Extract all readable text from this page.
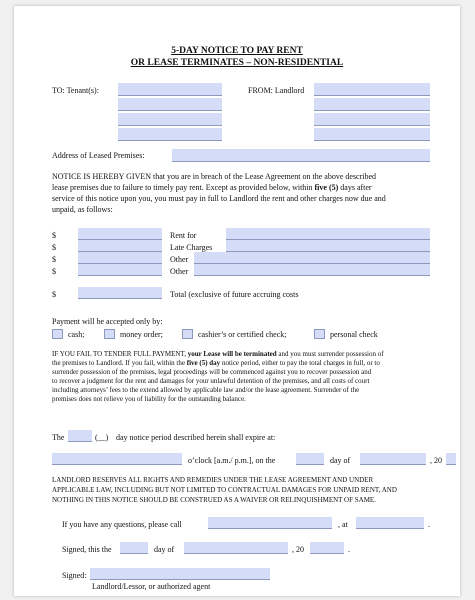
5-DAY NOTICE TO PAY RENT
OR LEASE TERMINATES – NON-RESIDENTIAL
TO: Tenant(s):	FROM: Landlord
Address of Leased Premises:
NOTICE IS HEREBY GIVEN that you are in breach of the Lease Agreement on the above described
lease premises due to failure to timely pay rent. Except as provided below, within five (5) days after
service of this notice upon you, you must pay in full to Landlord the rent and other charges now due and
unpaid, as follows:
$	Rent for
$	Late Charges
$	Other
$	Other
$	Total (exclusive of future accruing costs
Payment will be accepted only by:
cash;	money order;	cashier’s or certified check;	personal check
IF YOU FAIL TO TENDER FULL PAYMENT, your Lease will be terminated and you must surrender possession of
the premises to Landlord. If you fail, within the five (5) day notice period, either to pay the total charges in full, or to
surrender possession of the premises, legal proceedings will be commenced against you to recover possession and
to recover a judgment for the rent and damages for your unlawful detention of the premises, and all costs of court
including attorneys’ fees to the extend allowed by applicable law and/or the lease agreement. Surrender of the
premises does not relieve you of liability for the outstanding balance.
The	(__) day notice period described herein shall expire at:
o’clock [a.m./ p.m.], on the	day of	, 20
LANDLORD RESERVES ALL RIGHTS AND REMEDIES UNDER THE LEASE AGREEMENT AND UNDER
APPLICABLE LAW, INCLUDING BUT NOT LIMITED TO CONTRACTUAL DAMAGES FOR UNPAID RENT, AND
NOTHING IN THIS NOTICE SHOULD BE CONSTRUED AS A WAIVER OR RELINQUISHMENT OF SAME.
If you have any questions, please call	, at	.
Signed, this the	day of	, 20	.
Signed:
Landlord/Lessor, or authorized agent
